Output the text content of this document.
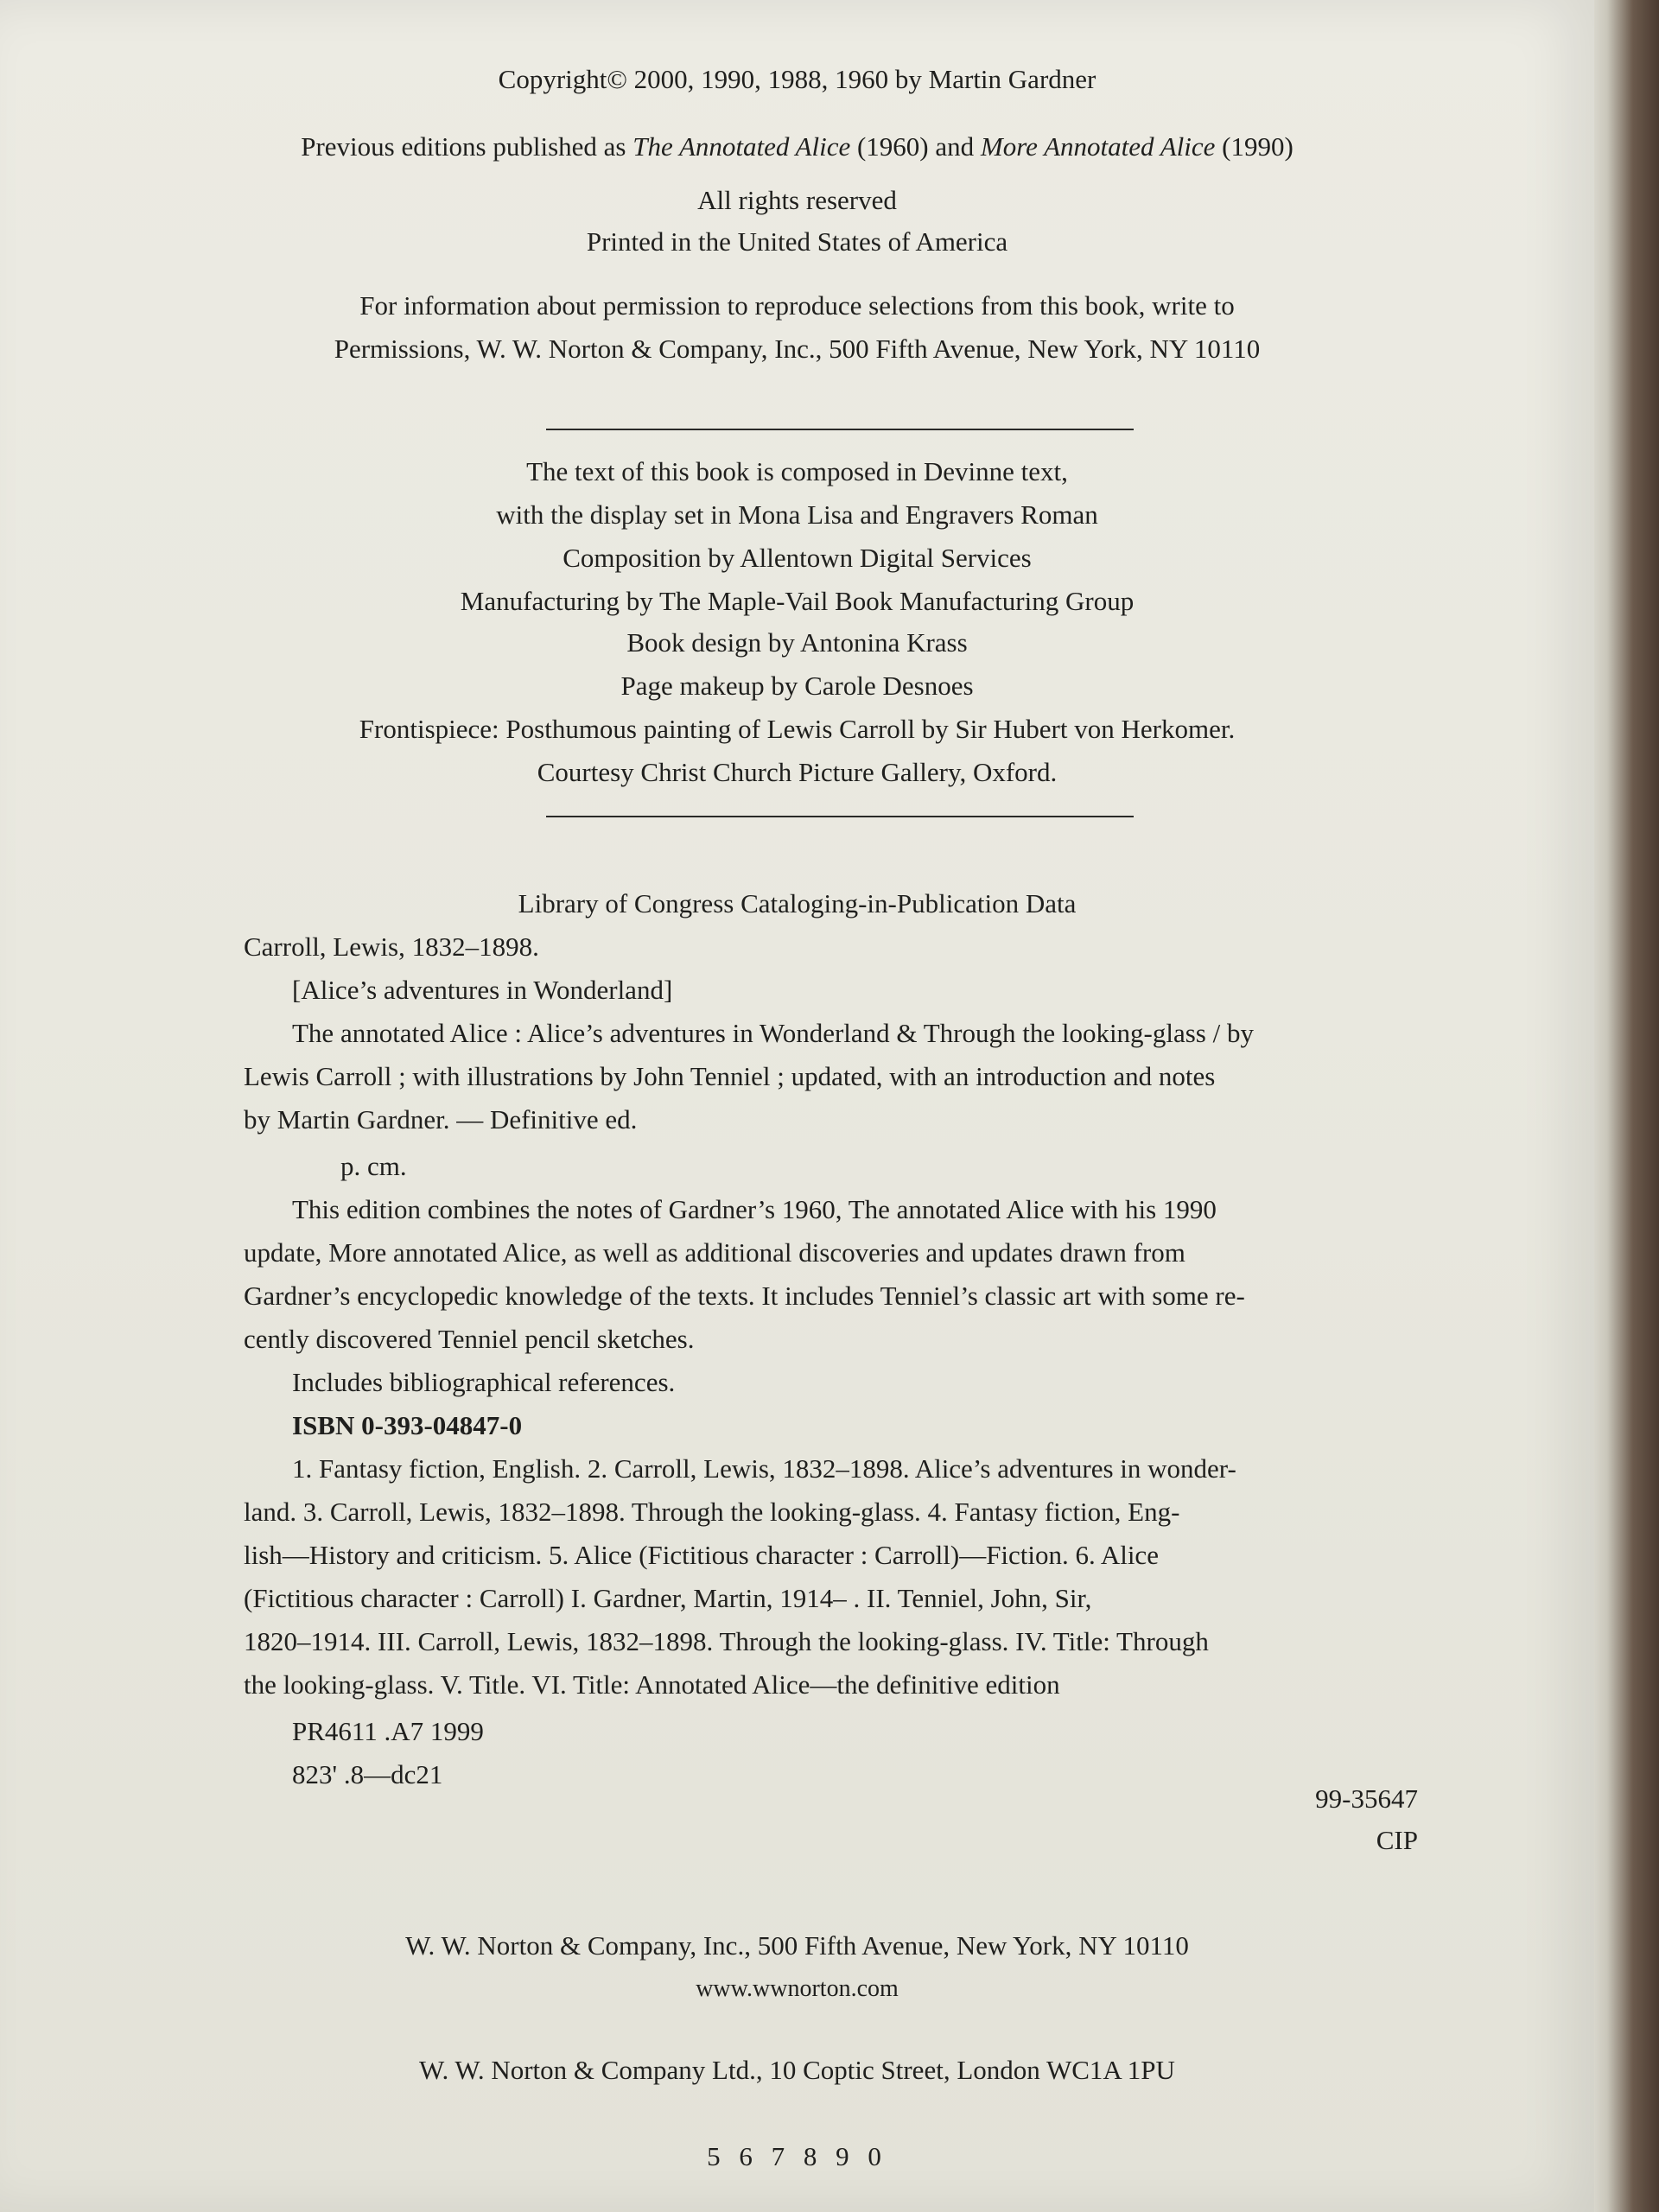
Copyright© 2000, 1990, 1988, 1960 by Martin Gardner
Previous editions published as The Annotated Alice (1960) and More Annotated Alice (1990)
All rights reserved
Printed in the United States of America
For information about permission to reproduce selections from this book, write to
Permissions, W. W. Norton & Company, Inc., 500 Fifth Avenue, New York, NY 10110
The text of this book is composed in Devinne text,
with the display set in Mona Lisa and Engravers Roman
Composition by Allentown Digital Services
Manufacturing by The Maple-Vail Book Manufacturing Group
Book design by Antonina Krass
Page makeup by Carole Desnoes
Frontispiece: Posthumous painting of Lewis Carroll by Sir Hubert von Herkomer.
Courtesy Christ Church Picture Gallery, Oxford.
Library of Congress Cataloging-in-Publication Data
Carroll, Lewis, 1832–1898.
[Alice’s adventures in Wonderland]
The annotated Alice : Alice’s adventures in Wonderland & Through the looking-glass / by
Lewis Carroll ; with illustrations by John Tenniel ; updated, with an introduction and notes
by Martin Gardner. — Definitive ed.
p. cm.
This edition combines the notes of Gardner’s 1960, The annotated Alice with his 1990
update, More annotated Alice, as well as additional discoveries and updates drawn from
Gardner’s encyclopedic knowledge of the texts. It includes Tenniel’s classic art with some re-
cently discovered Tenniel pencil sketches.
Includes bibliographical references.
ISBN 0-393-04847-0
1. Fantasy fiction, English. 2. Carroll, Lewis, 1832–1898. Alice’s adventures in wonder-
land. 3. Carroll, Lewis, 1832–1898. Through the looking-glass. 4. Fantasy fiction, Eng-
lish—History and criticism. 5. Alice (Fictitious character : Carroll)—Fiction. 6. Alice
(Fictitious character : Carroll) I. Gardner, Martin, 1914– . II. Tenniel, John, Sir,
1820–1914. III. Carroll, Lewis, 1832–1898. Through the looking-glass. IV. Title: Through
the looking-glass. V. Title. VI. Title: Annotated Alice—the definitive edition
PR4611 .A7 1999
823' .8—dc21
99-35647
CIP
W. W. Norton & Company, Inc., 500 Fifth Avenue, New York, NY 10110
www.wwnorton.com
W. W. Norton & Company Ltd., 10 Coptic Street, London WC1A 1PU
5 6 7 8 9 0
